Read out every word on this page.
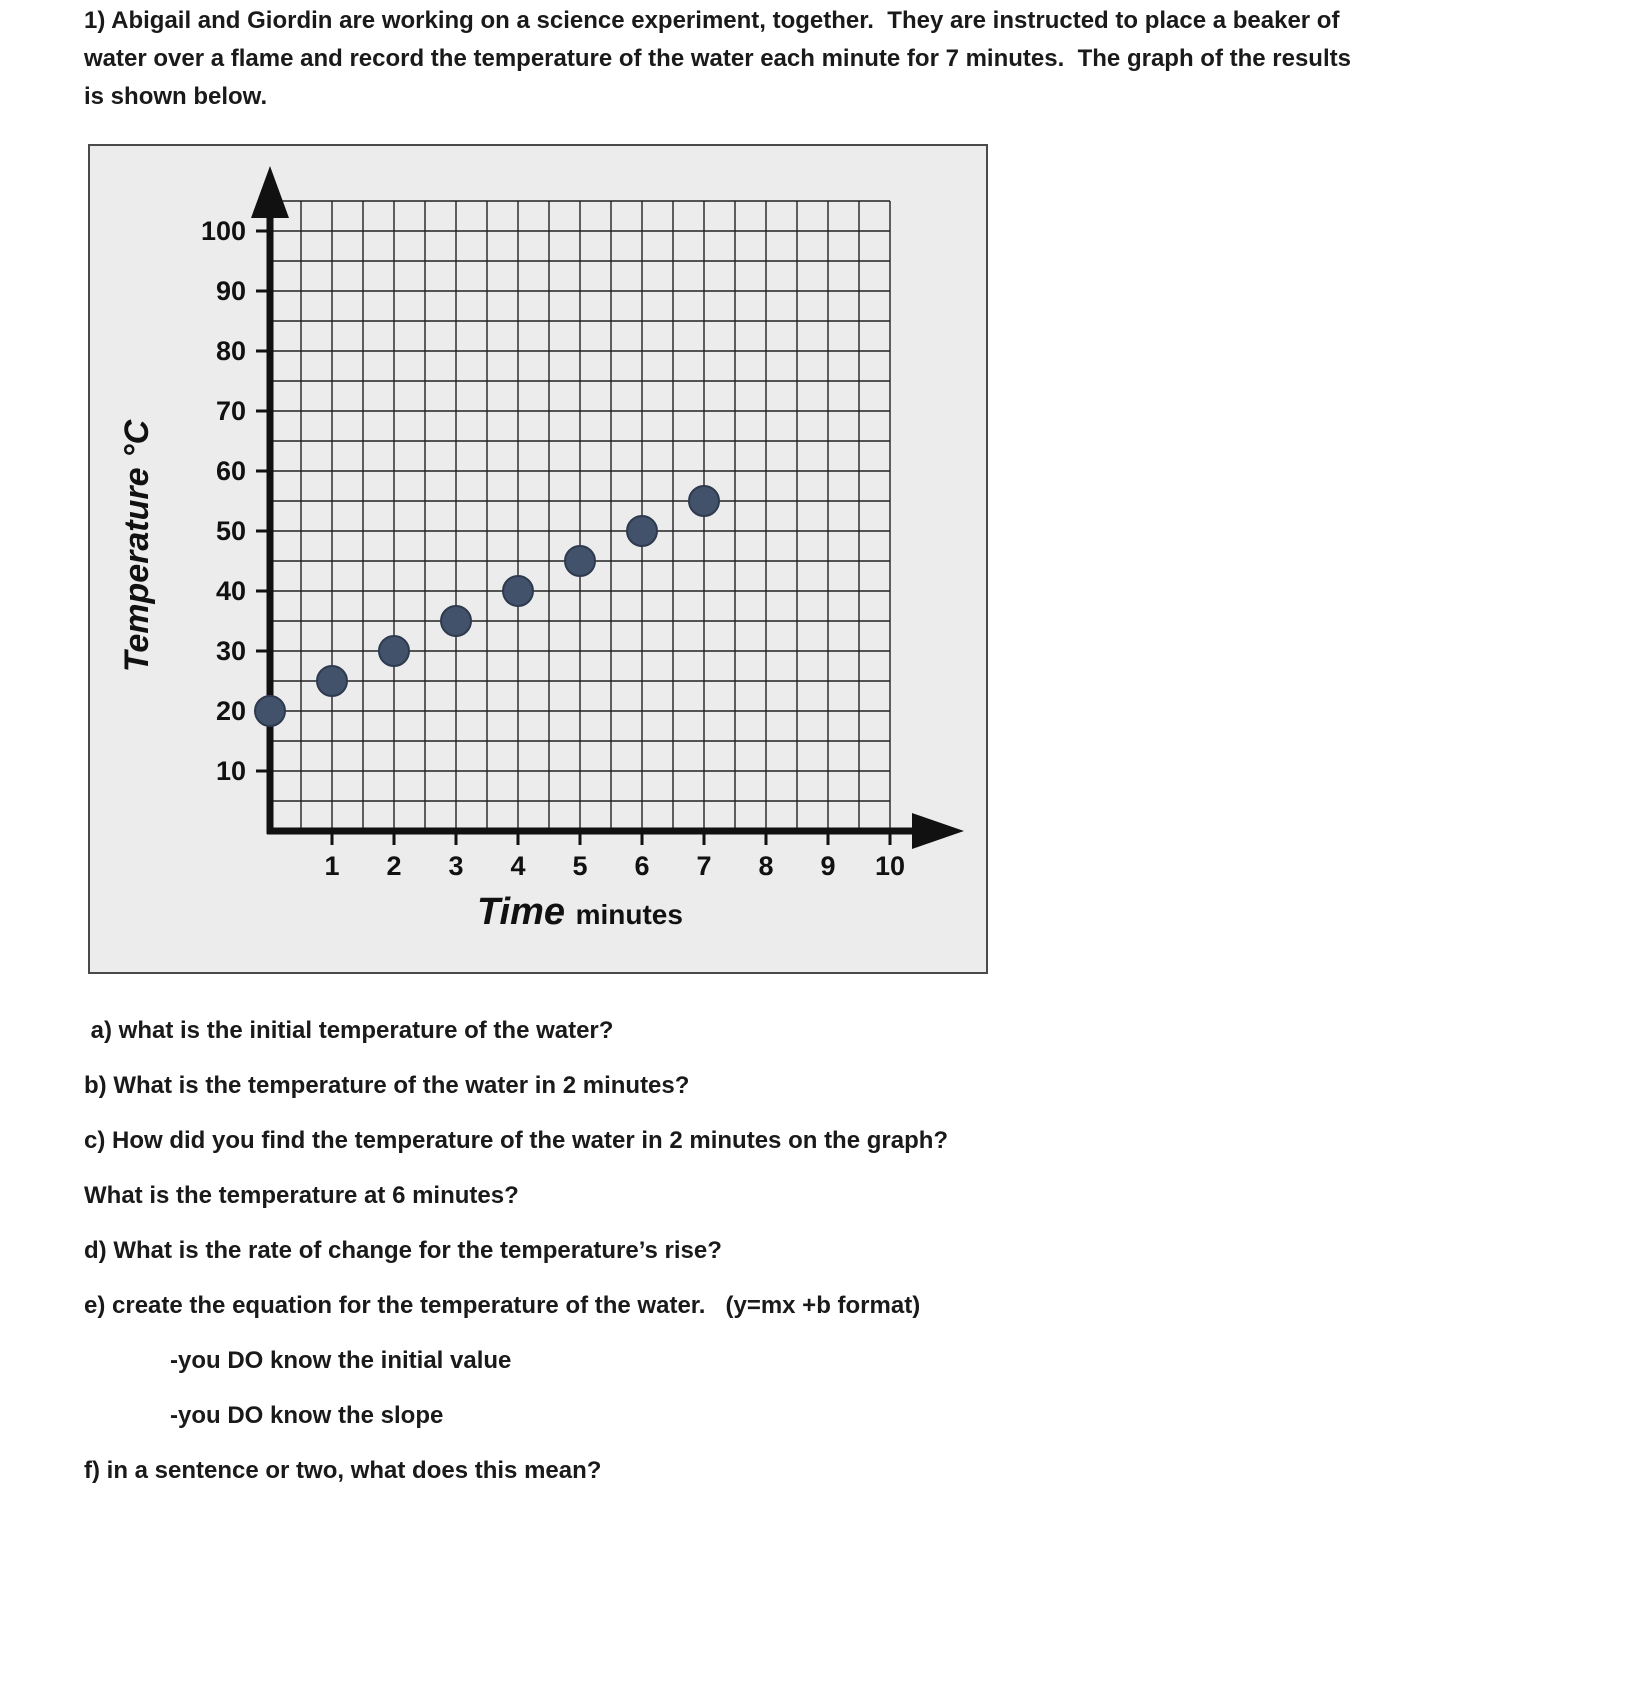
1) Abigail and Giordin are working on a science experiment, together.  They are instructed to place a beaker of water over a flame and record the temperature of the water each minute for 7 minutes.  The graph of the results is shown below.

10
20
30
40
50
60
70
80
90
100
1 2 3 4 5 6 7 8 9 10
Temperature °C
Time minutes

a) what is the initial temperature of the water?

b) What is the temperature of the water in 2 minutes?

c) How did you find the temperature of the water in 2 minutes on the graph?

What is the temperature at 6 minutes?

d) What is the rate of change for the temperature’s rise?

e) create the equation for the temperature of the water.   (y=mx +b format)

-you DO know the initial value

-you DO know the slope

f) in a sentence or two, what does this mean?
